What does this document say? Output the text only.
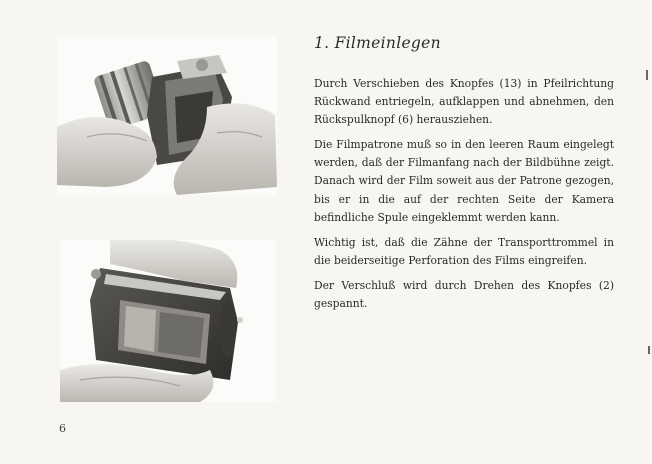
1. Filmeinlegen

Durch Verschieben des Knopfes (13) in Pfeilrichtung Rückwand entriegeln, aufklappen und abnehmen, den Rückspulknopf (6) herausziehen.

Die Filmpatrone muß so in den leeren Raum eingelegt werden, daß der Filmanfang nach der Bildbühne zeigt. Danach wird der Film soweit aus der Patrone gezogen, bis er in die auf der rechten Seite der Kamera befindliche Spule eingeklemmt werden kann.

Wichtig ist, daß die Zähne der Transporttrommel in die beiderseitige Perforation des Films eingreifen.

Der Verschluß wird durch Drehen des Knopfes (2) gespannt.

6
